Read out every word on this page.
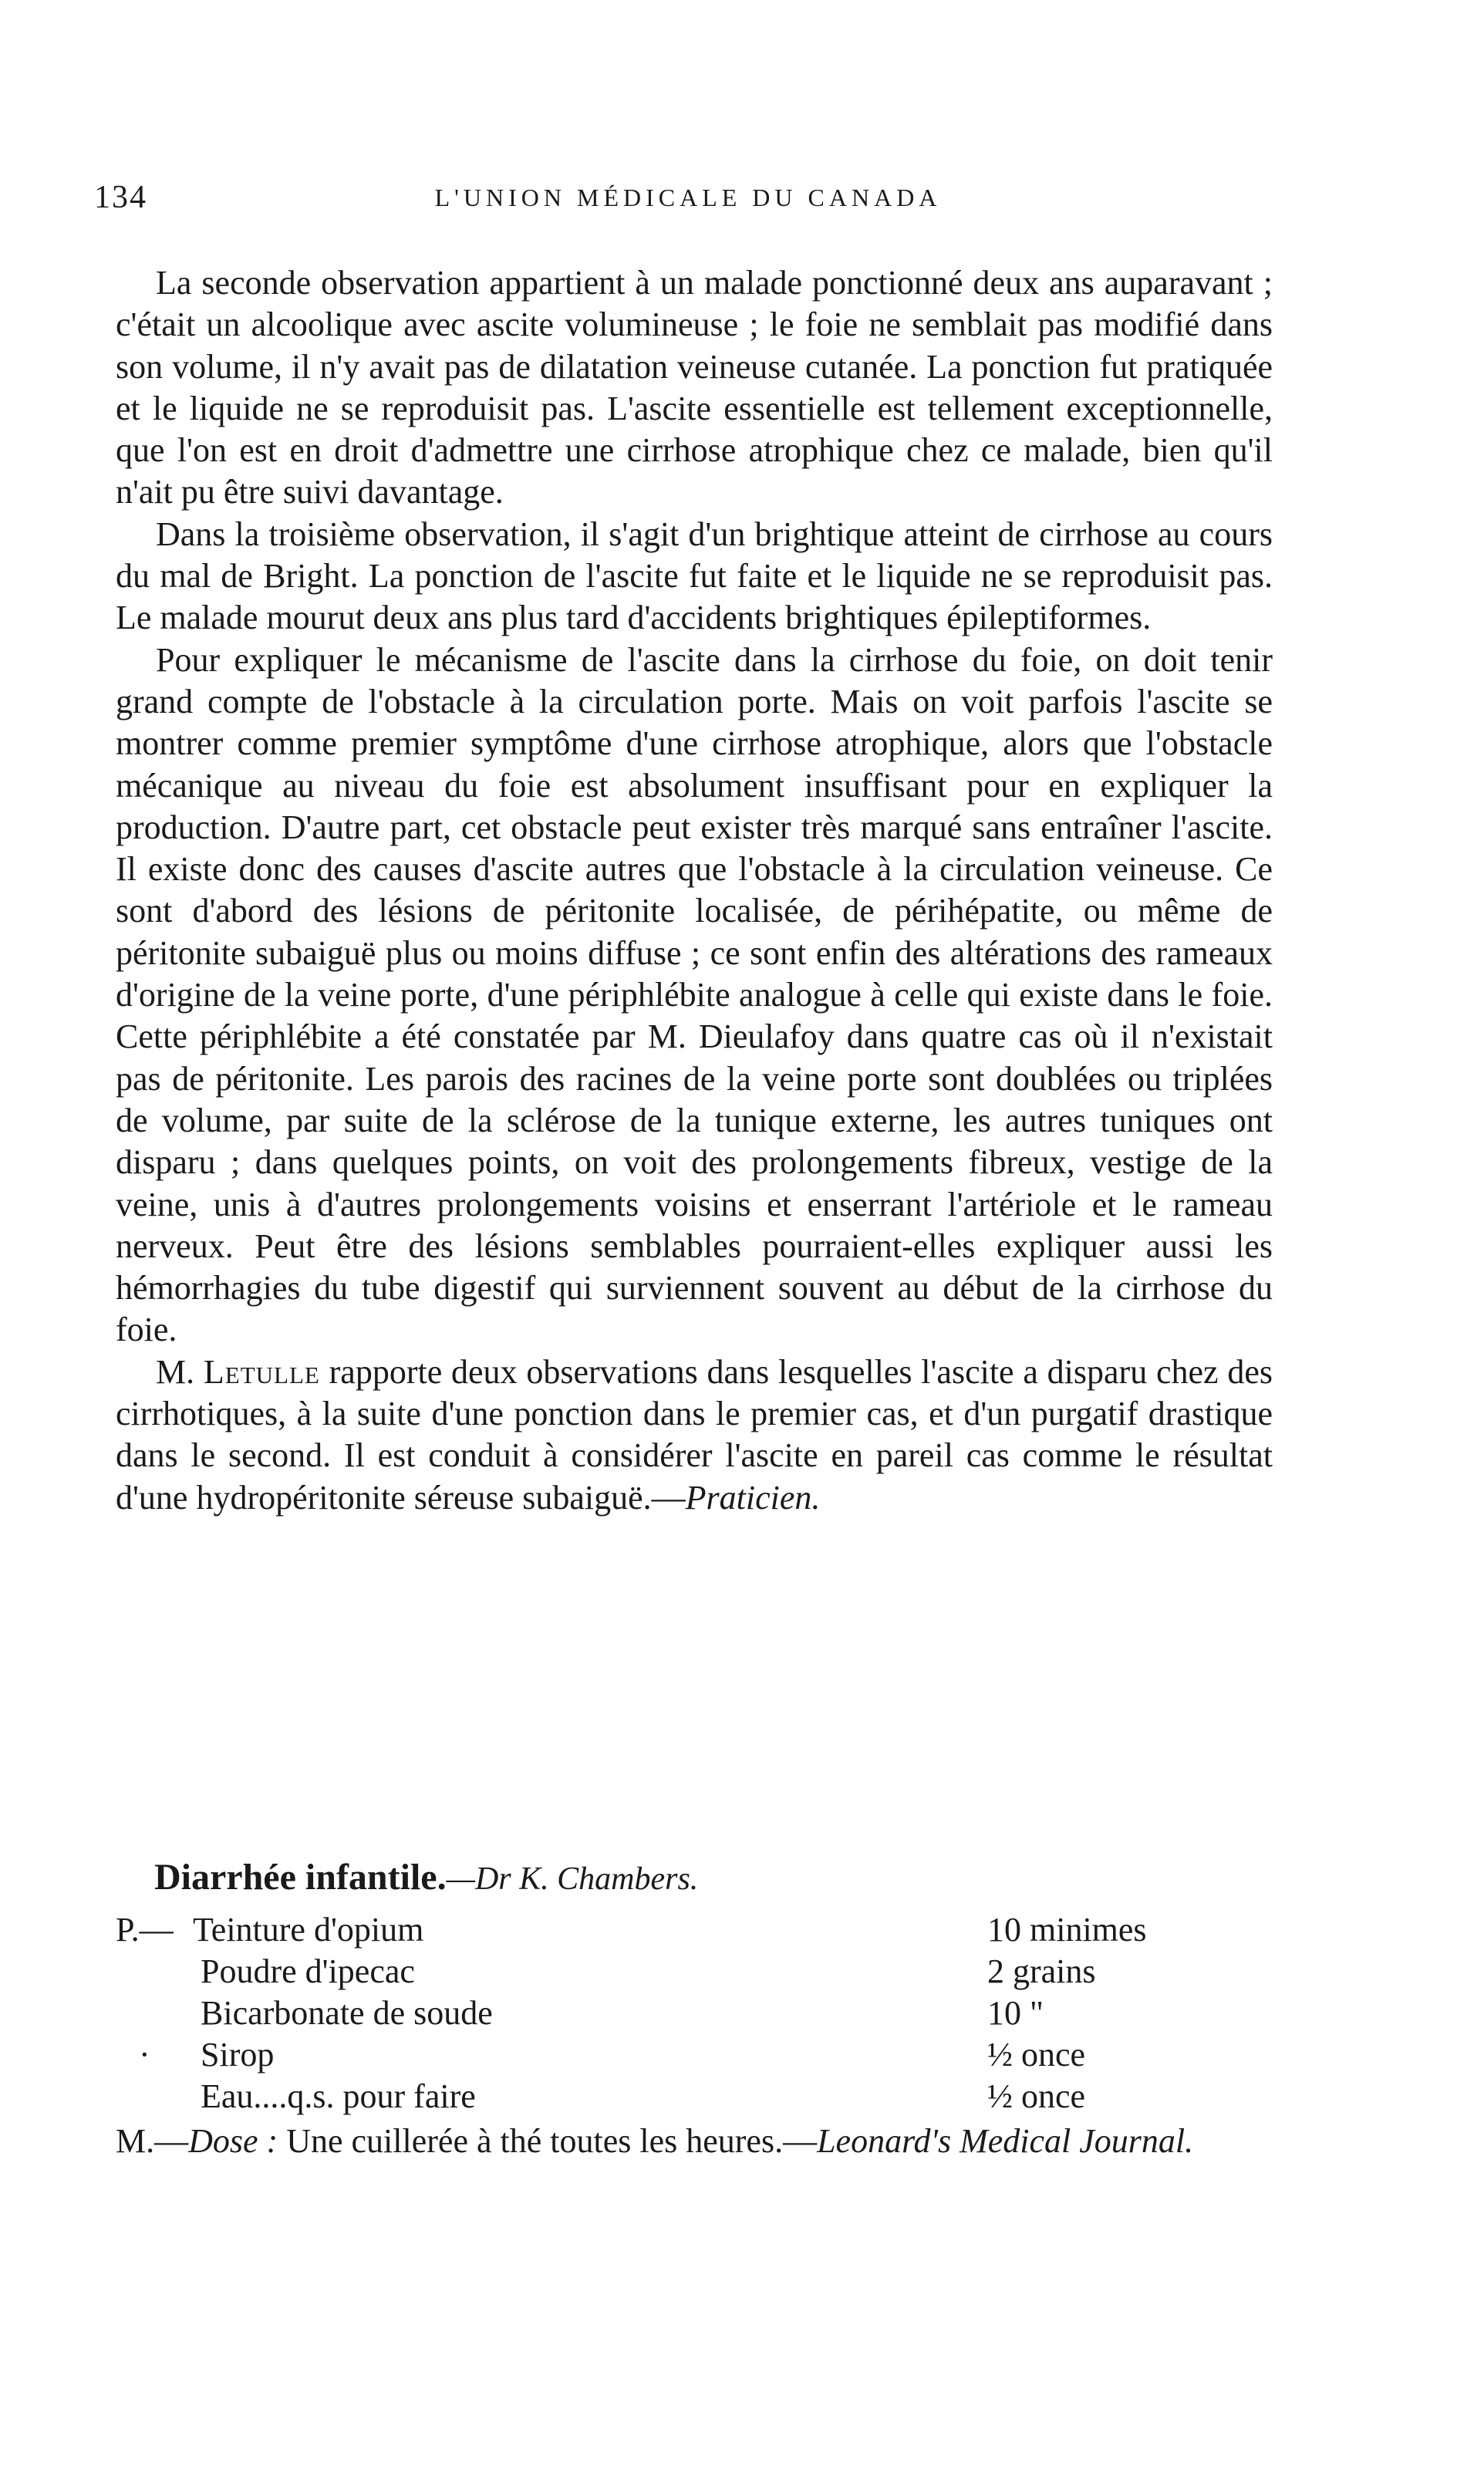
134	L'UNION MÉDICALE DU CANADA

La seconde observation appartient à un malade ponctionné deux ans auparavant ; c'était un alcoolique avec ascite volumineuse ; le foie ne semblait pas modifié dans son volume, il n'y avait pas de dilatation veineuse cutanée. La ponction fut pratiquée et le liquide ne se reproduisit pas. L'ascite essentielle est tellement exceptionnelle, que l'on est en droit d'admettre une cirrhose atrophique chez ce malade, bien qu'il n'ait pu être suivi davantage.

Dans la troisième observation, il s'agit d'un brightique atteint de cirrhose au cours du mal de Bright. La ponction de l'ascite fut faite et le liquide ne se reproduisit pas. Le malade mourut deux ans plus tard d'accidents brightiques épileptiformes.

Pour expliquer le mécanisme de l'ascite dans la cirrhose du foie, on doit tenir grand compte de l'obstacle à la circulation porte. Mais on voit parfois l'ascite se montrer comme premier symptôme d'une cirrhose atrophique, alors que l'obstacle mécanique au niveau du foie est absolument insuffisant pour en expliquer la production. D'autre part, cet obstacle peut exister très marqué sans entraîner l'ascite. Il existe donc des causes d'ascite autres que l'obstacle à la circulation veineuse. Ce sont d'abord des lésions de péritonite localisée, de périhépatite, ou même de péritonite subaiguë plus ou moins diffuse ; ce sont enfin des altérations des rameaux d'origine de la veine porte, d'une périphlébite analogue à celle qui existe dans le foie. Cette périphlébite a été constatée par M. Dieulafoy dans quatre cas où il n'existait pas de péritonite. Les parois des racines de la veine porte sont doublées ou triplées de volume, par suite de la sclérose de la tunique externe, les autres tuniques ont disparu ; dans quelques points, on voit des prolongements fibreux, vestige de la veine, unis à d'autres prolongements voisins et enserrant l'artériole et le rameau nerveux. Peut être des lésions semblables pourraient-elles expliquer aussi les hémorrhagies du tube digestif qui surviennent souvent au début de la cirrhose du foie.

M. Letulle rapporte deux observations dans lesquelles l'ascite a disparu chez des cirrhotiques, à la suite d'une ponction dans le premier cas, et d'un purgatif drastique dans le second. Il est conduit à considérer l'ascite en pareil cas comme le résultat d'une hydropéritonite séreuse subaiguë.—Praticien.

Diarrhée infantile.—Dr K. Chambers.
P.— ..... Teinture d'opium	10 minimes
.....
Poudre d'ipecac	2 grains
.....
Bicarbonate de soude	10 "
· .....	Sirop	½ once
.....
Eau....q.s. pour faire	½ once
M.—Dose : Une cuillerée à thé toutes les heures.—Leonard's Medical Journal.
